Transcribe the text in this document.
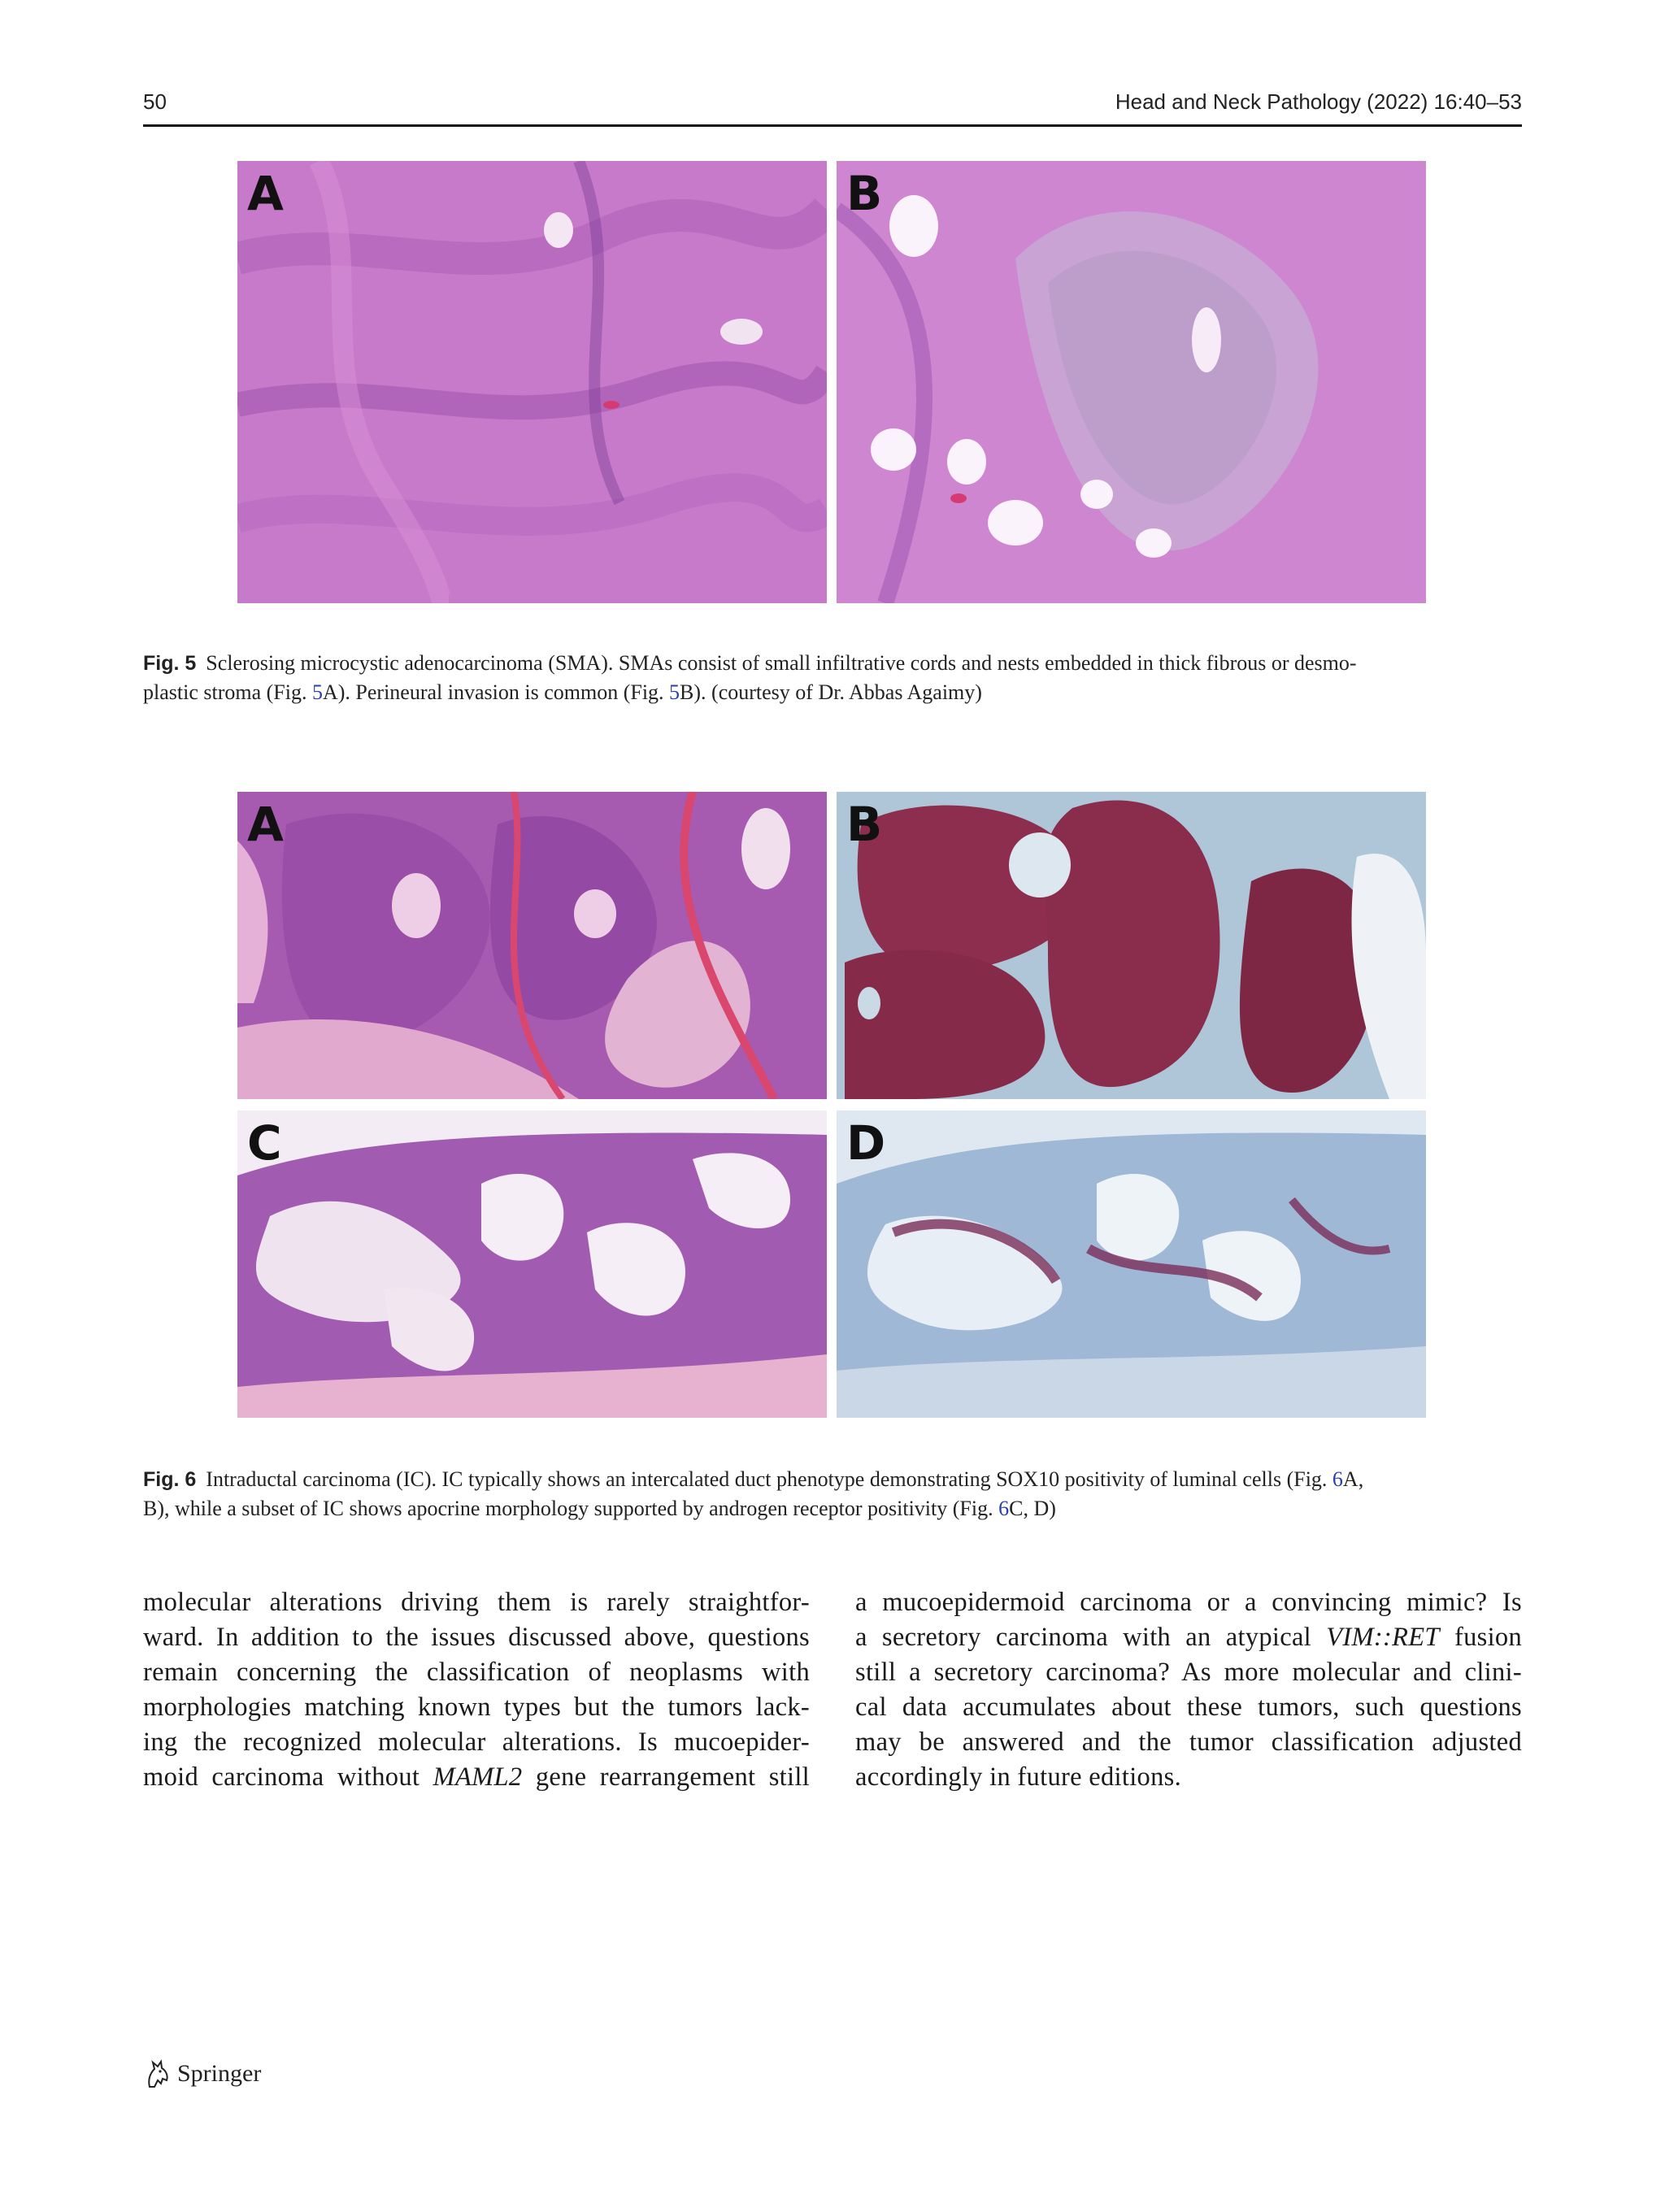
50	Head and Neck Pathology (2022) 16:40–53
A	B
Fig. 5 Sclerosing microcystic adenocarcinoma (SMA). SMAs consist of small infiltrative cords and nests embedded in thick fibrous or desmo-
plastic stroma (Fig. 5A). Perineural invasion is common (Fig. 5B). (courtesy of Dr. Abbas Agaimy)
A	B
C	D
Fig. 6 Intraductal carcinoma (IC). IC typically shows an intercalated duct phenotype demonstrating SOX10 positivity of luminal cells (Fig. 6A,
B), while a subset of IC shows apocrine morphology supported by androgen receptor positivity (Fig. 6C, D)
molecular alterations driving them is rarely straightfor-
ward. In addition to the issues discussed above, questions
remain concerning the classification of neoplasms with
morphologies matching known types but the tumors lack-
ing the recognized molecular alterations. Is mucoepider-
moid carcinoma without MAML2 gene rearrangement still
a mucoepidermoid carcinoma or a convincing mimic? Is
a secretory carcinoma with an atypical VIM::RET fusion
still a secretory carcinoma? As more molecular and clini-
cal data accumulates about these tumors, such questions
may be answered and the tumor classification adjusted
accordingly in future editions.
Springer
